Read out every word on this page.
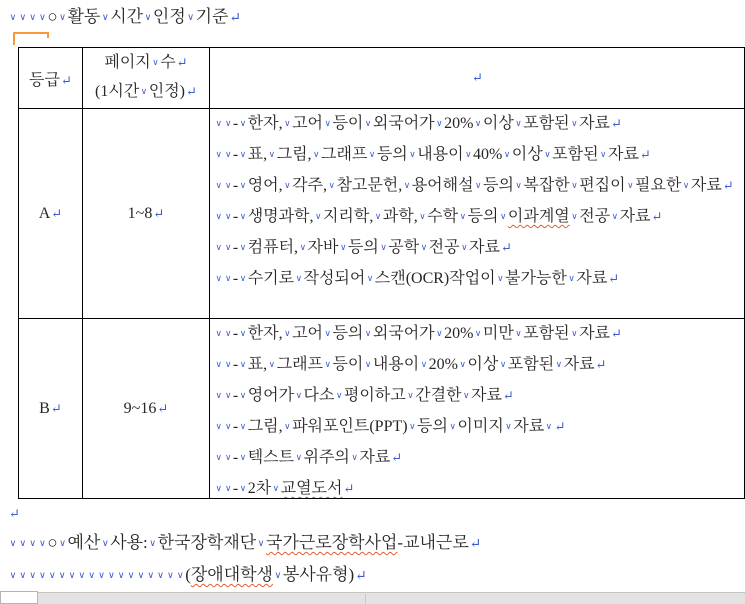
∨ ∨ ∨ ∨○ ∨활동 ∨시간 ∨인정 ∨기준↵
등급↵
페이지 ∨수↵
(1시간 ∨인정)↵
↵
A↵	1~8↵
∨ ∨- ∨한자, ∨고어 ∨등이 ∨외국어가 ∨20% ∨이상 ∨포함된 ∨자료↵
∨ ∨- ∨표, ∨그림, ∨그래프 ∨등의 ∨내용이 ∨40% ∨이상 ∨포함된 ∨자료↵
∨ ∨- ∨영어, ∨각주, ∨참고문헌, ∨용어해설 ∨등의 ∨복잡한 ∨편집이 ∨필요한 ∨자료↵
∨ ∨- ∨생명과학, ∨지리학, ∨과학, ∨수학 ∨등의 ∨이과계열 ∨전공 ∨자료↵
∨ ∨- ∨컴퓨터, ∨자바 ∨등의 ∨공학 ∨전공 ∨자료↵
∨ ∨- ∨수기로 ∨작성되어 ∨스캔(OCR)작업이 ∨불가능한 ∨자료↵
B↵	9~16↵
∨ ∨- ∨한자, ∨고어 ∨등의 ∨외국어가 ∨20% ∨미만 ∨포함된 ∨자료↵
∨ ∨- ∨표, ∨그래프 ∨등이 ∨내용이 ∨20% ∨이상 ∨포함된 ∨자료↵
∨ ∨- ∨영어가 ∨다소 ∨평이하고 ∨간결한 ∨자료↵
∨ ∨- ∨그림, ∨파워포인트(PPT) ∨등의 ∨이미지 ∨자료 ∨ ↵
∨ ∨- ∨텍스트 ∨위주의 ∨자료↵
∨ ∨- ∨2차 ∨교열도서↵
↵
∨ ∨ ∨ ∨○ ∨예산 ∨사용: ∨한국장학재단 ∨국가근로장학사업-교내근로↵
∨ ∨ ∨ ∨ ∨ ∨ ∨ ∨ ∨ ∨ ∨ ∨ ∨ ∨ ∨ ∨ ∨ ∨(장애대학생 ∨봉사유형)↵
